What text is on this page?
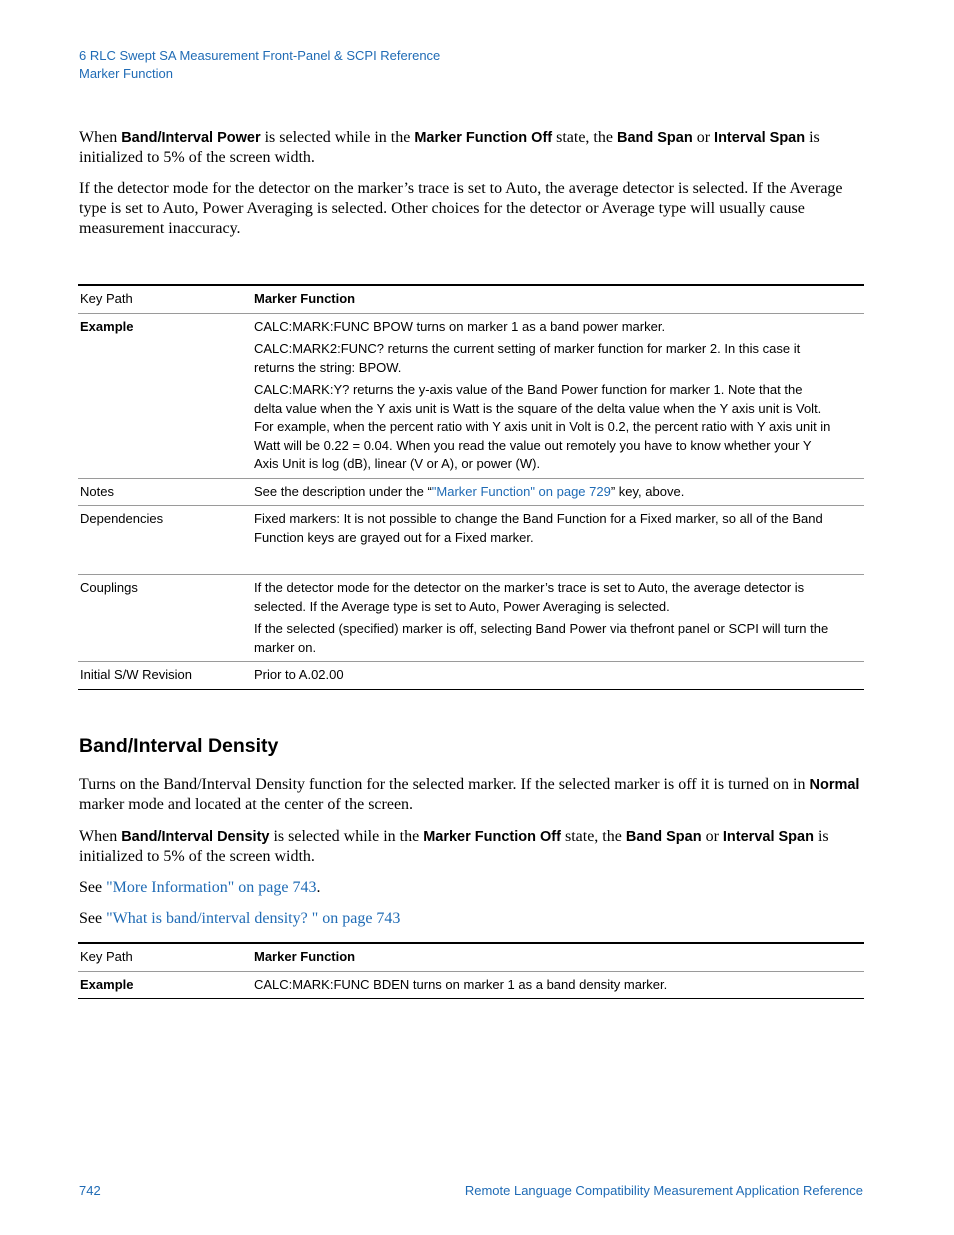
6 RLC Swept SA Measurement Front-Panel & SCPI Reference
Marker Function
When Band/Interval Power is selected while in the Marker Function Off state, the Band Span or Interval Span is initialized to 5% of the screen width.
If the detector mode for the detector on the marker’s trace is set to Auto, the average detector is selected. If the Average type is set to Auto, Power Averaging is selected. Other choices for the detector or Average type will usually cause measurement inaccuracy.
Key Path	Marker Function
Example	CALC:MARK:FUNC BPOW turns on marker 1 as a band power marker.

CALC:MARK2:FUNC? returns the current setting of marker function for marker 2. In this case it returns the string: BPOW.

CALC:MARK:Y? returns the y-axis value of the Band Power function for marker 1. Note that the delta value when the Y axis unit is Watt is the square of the delta value when the Y axis unit is Volt. For example, when the percent ratio with Y axis unit in Volt is 0.2, the percent ratio with Y axis unit in Watt will be 0.22 = 0.04. When you read the value out remotely you have to know whether your Y Axis Unit is log (dB), linear (V or A), or power (W).

Notes	See the description under the “"Marker Function" on page 729” key, above.
Dependencies	Fixed markers: It is not possible to change the Band Function for a Fixed marker, so all of the Band Function keys are grayed out for a Fixed marker.
Couplings	If the detector mode for the detector on the marker’s trace is set to Auto, the average detector is selected. If the Average type is set to Auto, Power Averaging is selected.

If the selected (specified) marker is off, selecting Band Power via thefront panel or SCPI will turn the marker on.

Initial S/W Revision	Prior to A.02.00
Band/Interval Density
Turns on the Band/Interval Density function for the selected marker. If the selected marker is off it is turned on in Normal marker mode and located at the center of the screen.
When Band/Interval Density is selected while in the Marker Function Off state, the Band Span or Interval Span is initialized to 5% of the screen width.
See "More Information" on page 743.
See "What is band/interval density? " on page 743
Key Path	Marker Function
Example	CALC:MARK:FUNC BDEN turns on marker 1 as a band density marker.
742	Remote Language Compatibility Measurement Application Reference
